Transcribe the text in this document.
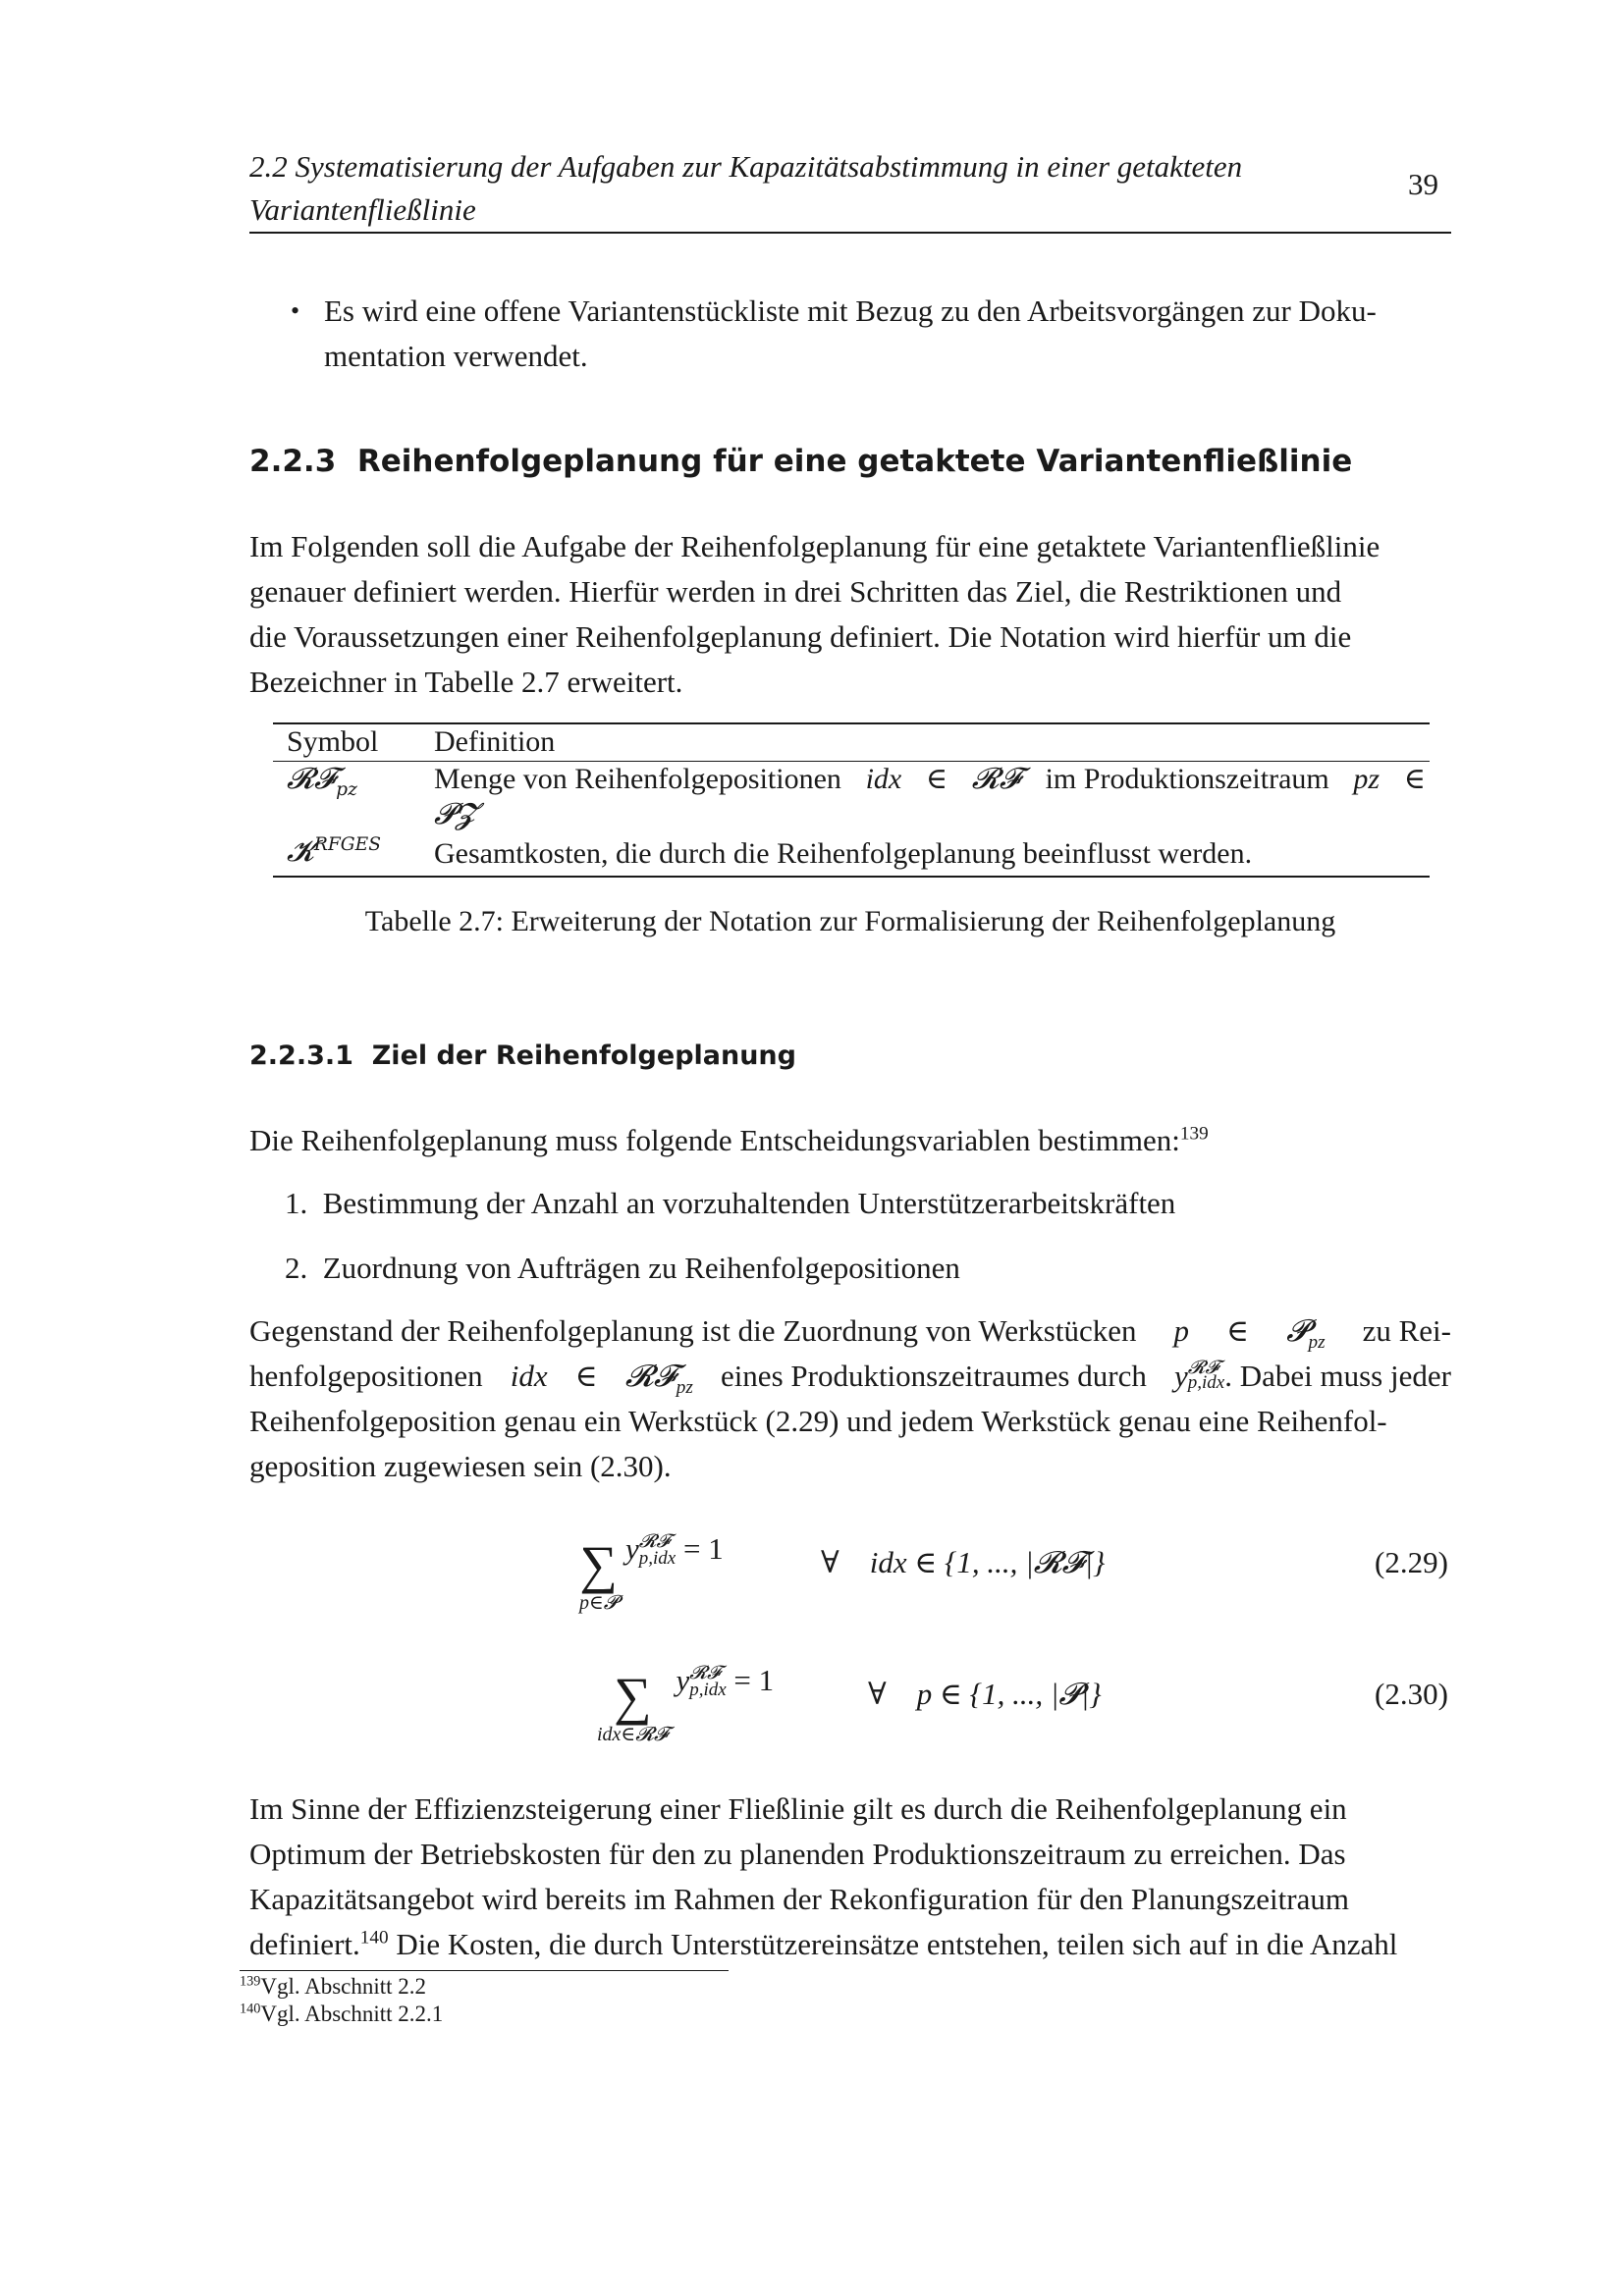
2.2 Systematisierung der Aufgaben zur Kapazitätsabstimmung in einer getakteten
Variantenfließlinie
39
• Es wird eine offene Variantenstückliste mit Bezug zu den Arbeitsvorgängen zur Doku-
mentation verwendet.
2.2.3 Reihenfolgeplanung für eine getaktete Variantenfließlinie
Im Folgenden soll die Aufgabe der Reihenfolgeplanung für eine getaktete Variantenfließlinie
genauer definiert werden. Hierfür werden in drei Schritten das Ziel, die Restriktionen und
die Voraussetzungen einer Reihenfolgeplanung definiert. Die Notation wird hierfür um die
Bezeichner in Tabelle 2.7 erweitert.
Symbol Definition
𝓡𝓕$_{pz}$	Menge von Reihenfolgepositionen idx ∈ 𝓡𝓕 im Produktionszeitraum pz ∈
𝓟𝓩
𝓚$^{RFGES}$ Gesamtkosten, die durch die Reihenfolgeplanung beeinflusst werden.
Tabelle 2.7: Erweiterung der Notation zur Formalisierung der Reihenfolgeplanung
2.2.3.1 Ziel der Reihenfolgeplanung
Die Reihenfolgeplanung muss folgende Entscheidungsvariablen bestimmen:$^{139}$
1. Bestimmung der Anzahl an vorzuhaltenden Unterstützerarbeitskräften
2. Zuordnung von Aufträgen zu Reihenfolgepositionen
Gegenstand der Reihenfolgeplanung ist die Zuordnung von Werkstücken p ∈ 𝓟$_{pz}$ zu Rei-
henfolgepositionen idx ∈ 𝓡𝓕$_{pz}$ eines Produktionszeitraumes durch y 𝓡𝓕
p,idx . Dabei muss jeder
Reihenfolgeposition genau ein Werkstück (2.29) und jedem Werkstück genau eine Reihenfol-
geposition zugewiesen sein (2.30).
∑
p∈𝓟
y 𝓡𝓕
p,idx = 1	∀ idx ∈ {1, ..., |𝓡𝓕|}	(2.29)
∑
idx∈𝓡𝓕
y 𝓡𝓕
p,idx = 1	∀ p ∈ {1, ..., |𝓟|}	(2.30)
Im Sinne der Effizienzsteigerung einer Fließlinie gilt es durch die Reihenfolgeplanung ein
Optimum der Betriebskosten für den zu planenden Produktionszeitraum zu erreichen. Das
Kapazitätsangebot wird bereits im Rahmen der Rekonfiguration für den Planungszeitraum
definiert.$^{140}$ Die Kosten, die durch Unterstützereinsätze entstehen, teilen sich auf in die Anzahl
$^{139}$Vgl. Abschnitt 2.2
$^{140}$Vgl. Abschnitt 2.2.1
